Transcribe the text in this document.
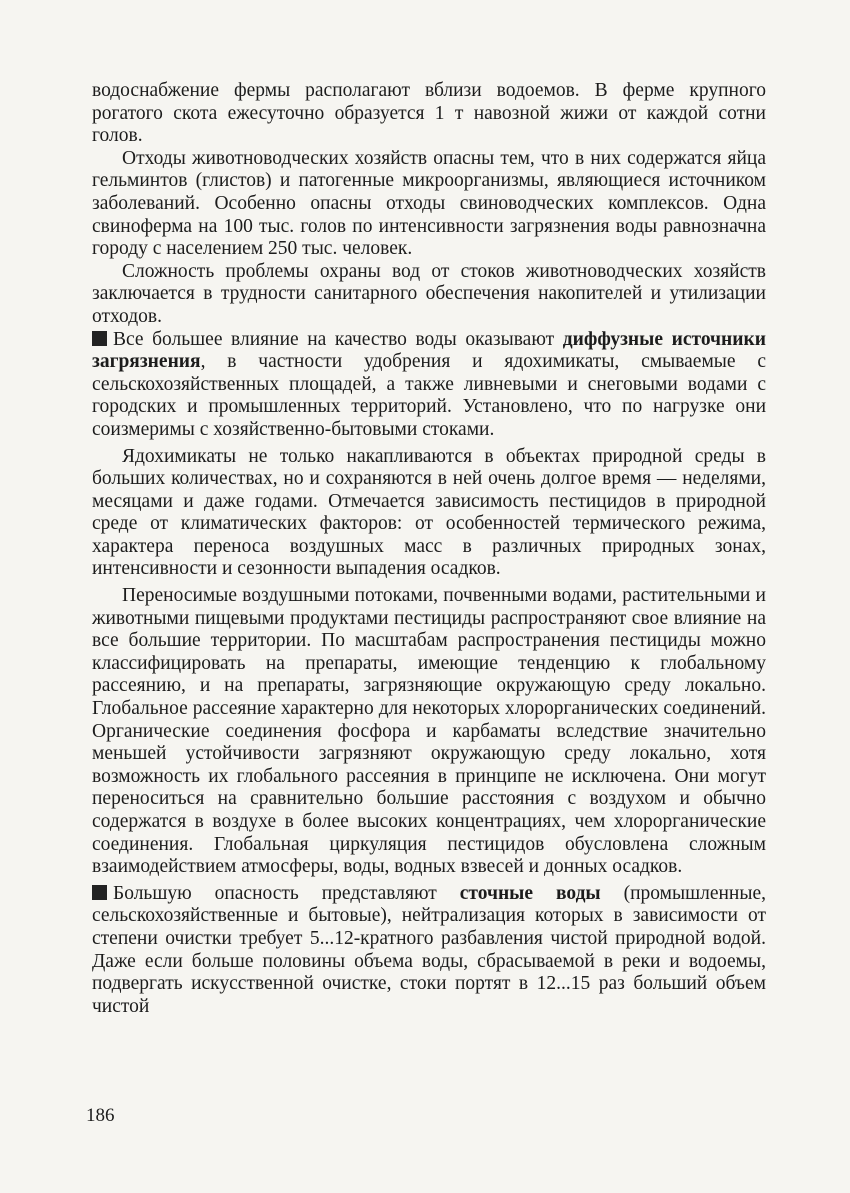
водоснабжение фермы располагают вблизи водоемов. В ферме крупного рогатого скота ежесуточно образуется 1 т навозной жижи от каждой сотни голов.

Отходы животноводческих хозяйств опасны тем, что в них содержатся яйца гельминтов (глистов) и патогенные микроорганизмы, являющиеся источником заболеваний. Особенно опасны отходы свиноводческих комплексов. Одна свиноферма на 100 тыс. голов по интенсивности загрязнения воды равнозначна городу с населением 250 тыс. человек.

Сложность проблемы охраны вод от стоков животноводческих хозяйств заключается в трудности санитарного обеспечения накопителей и утилизации отходов.

Все большее влияние на качество воды оказывают диффузные источники загрязнения, в частности удобрения и ядохимикаты, смываемые с сельскохозяйственных площадей, а также ливневыми и снеговыми водами с городских и промышленных территорий. Установлено, что по нагрузке они соизмеримы с хозяйственно-бытовыми стоками.

Ядохимикаты не только накапливаются в объектах природной среды в больших количествах, но и сохраняются в ней очень долгое время — неделями, месяцами и даже годами. Отмечается зависимость пестицидов в природной среде от климатических факторов: от особенностей термического режима, характера переноса воздушных масс в различных природных зонах, интенсивности и сезонности выпадения осадков.

Переносимые воздушными потоками, почвенными водами, растительными и животными пищевыми продуктами пестициды распространяют свое влияние на все большие территории. По масштабам распространения пестициды можно классифицировать на препараты, имеющие тенденцию к глобальному рассеянию, и на препараты, загрязняющие окружающую среду локально. Глобальное рассеяние характерно для некоторых хлорорганических соединений. Органические соединения фосфора и карбаматы вследствие значительно меньшей устойчивости загрязняют окружающую среду локально, хотя возможность их глобального рассеяния в принципе не исключена. Они могут переноситься на сравнительно большие расстояния с воздухом и обычно содержатся в воздухе в более высоких концентрациях, чем хлорорганические соединения. Глобальная циркуляция пестицидов обусловлена сложным взаимодействием атмосферы, воды, водных взвесей и донных осадков.

Большую опасность представляют сточные воды (промышленные, сельскохозяйственные и бытовые), нейтрализация которых в зависимости от степени очистки требует 5...12-кратного разбавления чистой природной водой. Даже если больше половины объема воды, сбрасываемой в реки и водоемы, подвергать искусственной очистке, стоки портят в 12...15 раз больший объем чистой

186
